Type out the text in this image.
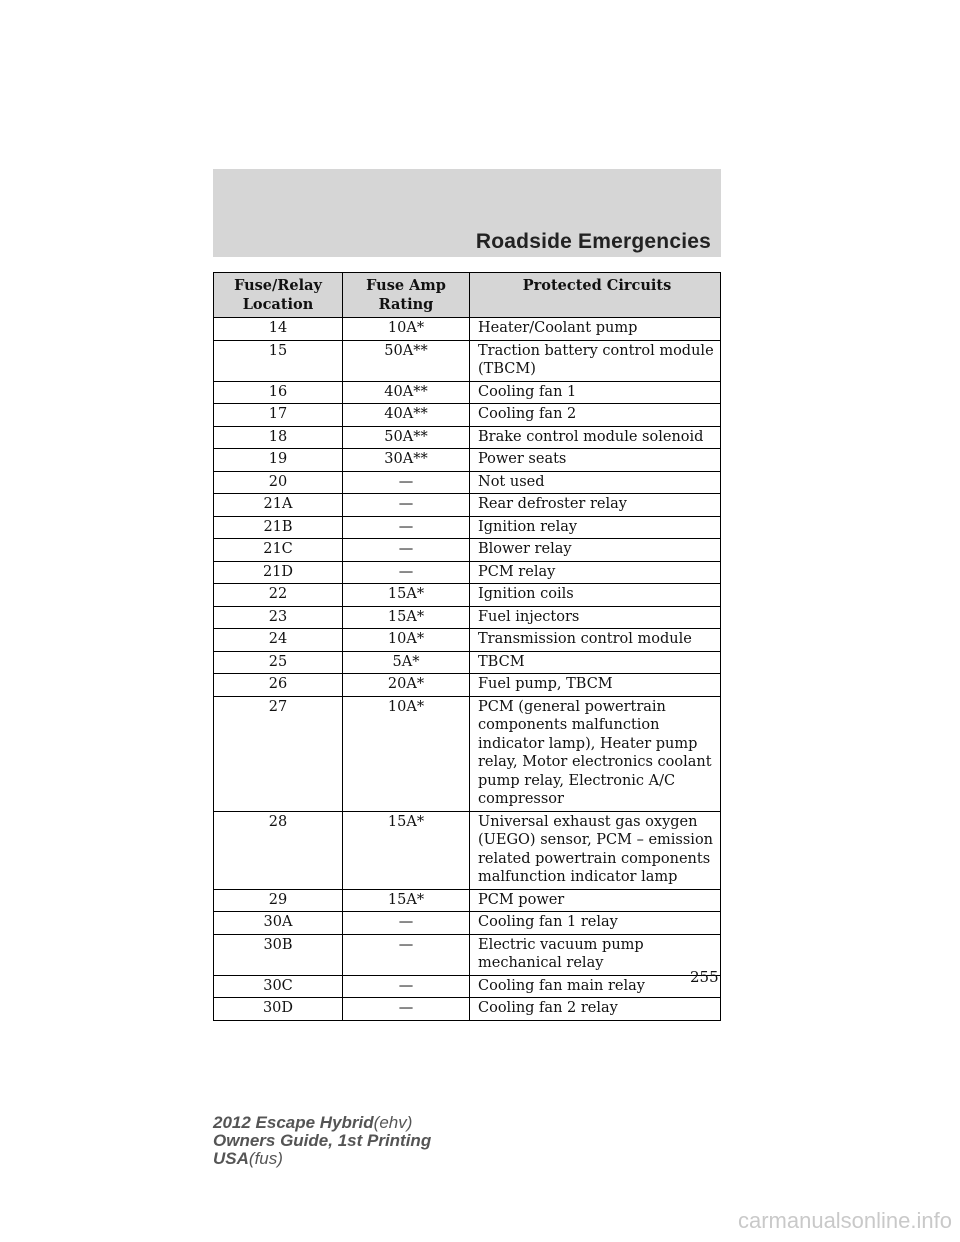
Roadside Emergencies
Fuse/Relay Location	Fuse Amp Rating	Protected Circuits
14	10A*	Heater/Coolant pump
15	50A**	Traction battery control module (TBCM)
16	40A**	Cooling fan 1
17	40A**	Cooling fan 2
18	50A**	Brake control module solenoid
19	30A**	Power seats
20	—	Not used
21A	—	Rear defroster relay
21B	—	Ignition relay
21C	—	Blower relay
21D	—	PCM relay
22	15A*	Ignition coils
23	15A*	Fuel injectors
24	10A*	Transmission control module
25	5A*	TBCM
26	20A*	Fuel pump, TBCM
27	10A*	PCM (general powertrain components malfunction indicator lamp), Heater pump relay, Motor electronics coolant pump relay, Electronic A/C compressor
28	15A*	Universal exhaust gas oxygen (UEGO) sensor, PCM – emission related powertrain components malfunction indicator lamp
29	15A*	PCM power
30A	—	Cooling fan 1 relay
30B	—	Electric vacuum pump mechanical relay
30C	—	Cooling fan main relay
30D	—	Cooling fan 2 relay
255
2012 Escape Hybrid(ehv)
Owners Guide, 1st Printing
USA(fus)
carmanualsonline.info
